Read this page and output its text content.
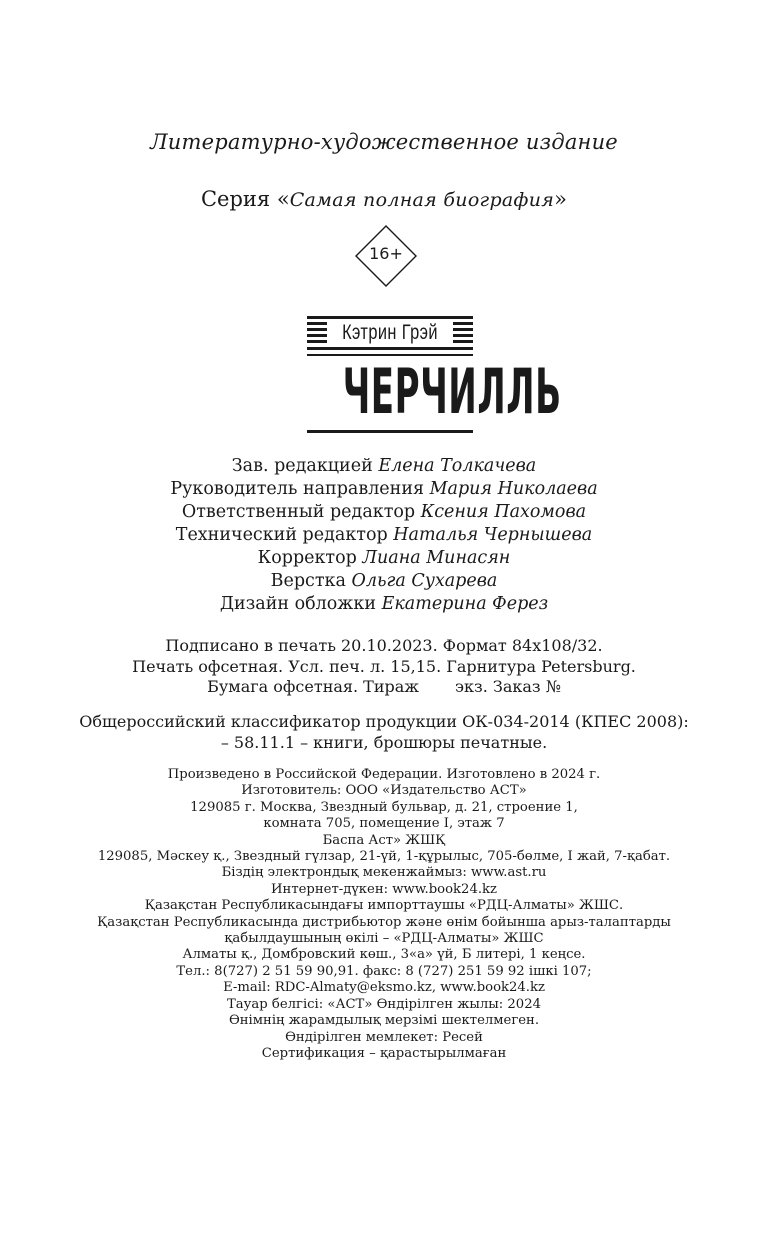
Литературно-художественное издание
Серия «Самая полная биография»
16+
Кэтрин Грэй
ЧЕРЧИЛЛЬ
Зав. редакцией Елена Толкачева
Руководитель направления Мария Николаева
Ответственный редактор Ксения Пахомова
Технический редактор Наталья Чернышева
Корректор Лиана Минасян
Верстка Ольга Сухарева
Дизайн обложки Екатерина Ферез
Подписано в печать 20.10.2023. Формат 84x108/32.
Печать офсетная. Усл. печ. л. 15,15. Гарнитура Petersburg.
Бумага офсетная. Тираж экз. Заказ №
Общероссийский классификатор продукции ОК-034-2014 (КПЕС 2008):
– 58.11.1 – книги, брошюры печатные.
Произведено в Российской Федерации. Изготовлено в 2024 г.
Изготовитель: ООО «Издательство АСТ»
129085 г. Москва, Звездный бульвар, д. 21, строение 1,
комната 705, помещение I, этаж 7
Баспа Аст» ЖШҚ
129085, Мәскеу қ., Звездный гүлзар, 21-үй, 1-құрылыс, 705-бөлме, I жай, 7-қабат.
Біздің электрондық мекенжаймыз: www.ast.ru
Интернет-дүкен: www.book24.kz
Қазақстан Республикасындағы импорттаушы «РДЦ-Алматы» ЖШС.
Қазақстан Республикасында дистрибьютор және өнім бойынша арыз-талаптарды
қабылдаушының өкілі – «РДЦ-Алматы» ЖШС
Алматы қ., Домбровский көш., 3«а» үй, Б литері, 1 кеңсе.
Тел.: 8(727) 2 51 59 90,91. факс: 8 (727) 251 59 92 ішкі 107;
E-mail: RDC-Almaty@eksmo.kz, www.book24.kz
Тауар белгісі: «АСТ» Өндірілген жылы: 2024
Өнімнің жарамдылық мерзімі шектелмеген.
Өндірілген мемлекет: Ресей
Сертификация – қарастырылмаған
